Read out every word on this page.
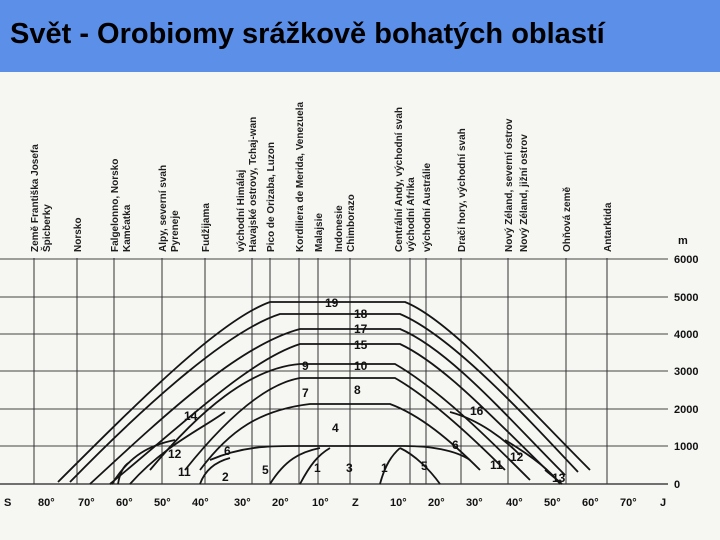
Svět - Orobiomy srážkově bohatých oblastí
m
6000
5000
4000
3000
2000
1000
0
S 80° 70° 60° 50° 40° 30° 20° 10° Z	10° 20° 30° 40° 50° 60° 70° J
Země Františka Josefa Špicberky Norsko	Falgelonno, Norsko Kamčatka	Alpy, severní svah Pyreneje Fudžijama východní Himálaj Havajské ostrovy, Tchaj-wan Pico de Orizaba, Luzon Kordiliera de Merida, Venezuela Malajsie Indonesie Chimborazo	Centrální Andy, východní svah východní Afrika východní Austrálie Dračí hory, východní svah	Nový Zéland, severní ostrov Nový Zéland, jižní ostrov	Ohňová země	Antarktida
19
18
17
15
9	10
7	8
14	16
4
12	6
11	2	5	1 3 1	5
6
11
12
13
